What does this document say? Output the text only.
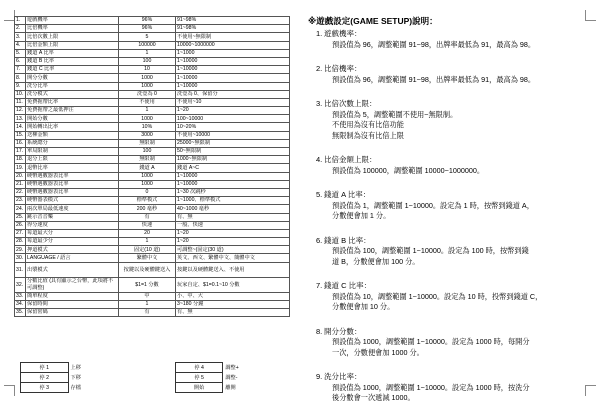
1.	遊戲機率	96%	91~98%
2.	比倍機率	96%	91~98%
3.	比倍次數上限	5	不使用~無限制
4.	比倍金額上限	100000	10000~1000000
5.	錢道 A 比率	1	1~1000
6.	錢道 B 比率	100	1~10000
7.	錢道 C 比率	10	1~10000
8.	開分分數	1000	1~10000
9.	洗分比率	1000	1~10000
10.	洗分模式	洗壹為 0	洗壹為 0、保留分
11.	免費拖帶比率	不使用	不使用~10
12.	免費拖帶之最低押注	1	1~20
13.	開始分數	1000	100~10000
14.	開始轉出比率	10%	10~20%
15.	送柳金額	3000	不使用~10000
16.	系統總分	無限制	25000~無限制
17.	單局限制	100	50~無限制
18.	退分上限	無限制	1000~無限制
19.	退幣比率	錢道 A	錢道 A~C
20.	硬幣遇數器表比率	1000	1~10000
21.	硬幣遇數器表比率	1000	1~10000
22.	硬幣遇數器表比率	0	1~30 次跳秒
23.	硬幣器表模式	標準模式	1~1000、標準模式
24.	兩次單局最低速度	200 毫秒	40~1000 毫秒
25.	跳示音音樂	有	有、無
26.	得分速度	快速	一般、快速
27.	每道最大分	20	1~20
28.	每道最少分	1	1~20
29.	押道模式	固定(10 道)	可調整~(固定(30 道)
30.	LANGUAGE / 語言	繁體中文	英文、西文、繁體中文、簡體中文
31.	出漿模式	按鍵以及硬體鍵送入	按鍵以及硬體鍵送入、不使用
32.	分數比值 (具有顯示之台幣，此項將不可調整)	$1=1 分數	玩家自定、$1=0.1~10 分數
33.	簡單程度	中	小、中、大
34.	保留時間	1	3~180 分鐘
35.	保留密碼	有	有、無
停 1	上移		停 4	調整+
停 2	下移		停 5	調整-
停 3	存檔		開始	離開
※遊戲設定(GAME SETUP)說明：
1. 遊戲機率：
預設值為 96，調整範圍 91~98，出牌率最低為 91，最高為 98。
2. 比倍機率：
預設值為 96，調整範圍 91~98，出牌率最低為 91，最高為 98。
3. 比倍次數上限：
預設值為 5，調整範圍不使用~無限制。
不使用為沒有比倍功能
無限制為沒有比倍上限
4. 比倍金額上限：
預設值為 100000，調整範圍 10000~1000000。
5. 錢道 A 比率：
預設值為 1，調整範圍 1~10000。設定為 1 時，按幣到錢道 A，
分數便會加 1 分。
6. 錢道 B 比率：
預設值為 100，調整範圍 1~10000。設定為 100 時，按幣到錢
道 B，分數便會加 100 分。
7. 錢道 C 比率：
預設值為 10，調整範圍 1~10000。設定為 10 時，投幣到錢道 C，
分數便會加 10 分。
8. 開分分數：
預設值為 1000，調整範圍 1~10000。設定為 1000 時，每開分
一次，分數便會加 1000 分。
9. 洗分比率：
預設值為 1000，調整範圍 1~10000。設定為 1000 時，按洗分
後分數會一次遞減 1000。
